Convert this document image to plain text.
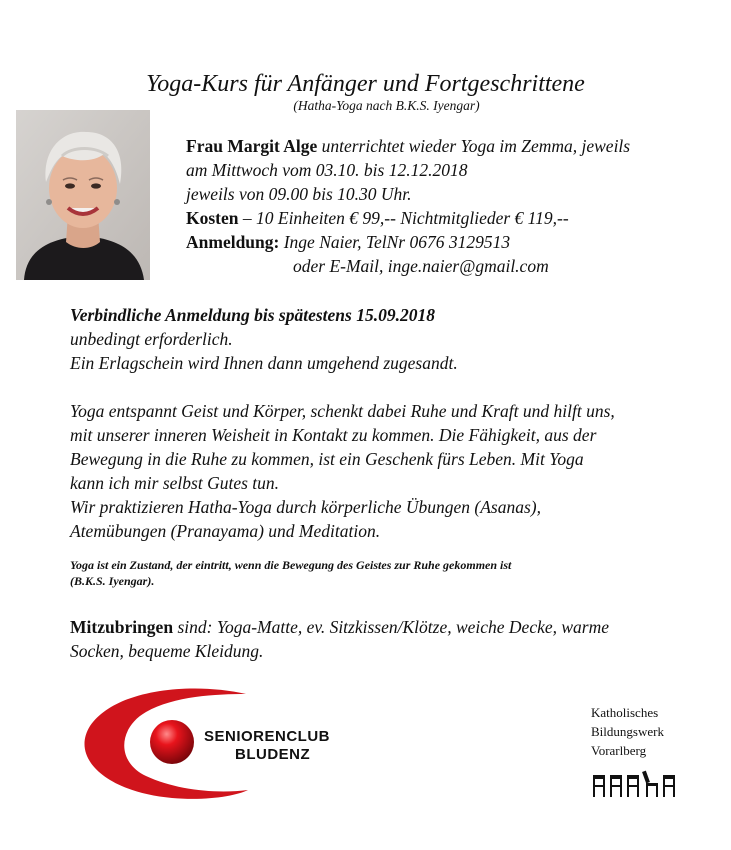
Yoga-Kurs für Anfänger und Fortgeschrittene
(Hatha-Yoga nach B.K.S. Iyengar)
Frau Margit Alge unterrichtet wieder Yoga im Zemma, jeweils
am Mittwoch vom 03.10. bis 12.12.2018
jeweils von 09.00 bis 10.30 Uhr.
Kosten – 10 Einheiten € 99,-- Nichtmitglieder € 119,--
Anmeldung: Inge Naier, TelNr 0676 3129513
oder E-Mail, inge.naier@gmail.com
Verbindliche Anmeldung bis spätestens 15.09.2018
unbedingt erforderlich.
Ein Erlagschein wird Ihnen dann umgehend zugesandt.
Yoga entspannt Geist und Körper, schenkt dabei Ruhe und Kraft und hilft uns,
mit unserer inneren Weisheit in Kontakt zu kommen. Die Fähigkeit, aus der
Bewegung in die Ruhe zu kommen, ist ein Geschenk fürs Leben. Mit Yoga
kann ich mir selbst Gutes tun.
Wir praktizieren Hatha-Yoga durch körperliche Übungen (Asanas),
Atemübungen (Pranayama) und Meditation.
Yoga ist ein Zustand, der eintritt, wenn die Bewegung des Geistes zur Ruhe gekommen ist
(B.K.S. Iyengar).
Mitzubringen sind: Yoga-Matte, ev. Sitzkissen/Klötze, weiche Decke, warme
Socken, bequeme Kleidung.
SENIORENCLUB
BLUDENZ
Katholisches
Bildungswerk
Vorarlberg
